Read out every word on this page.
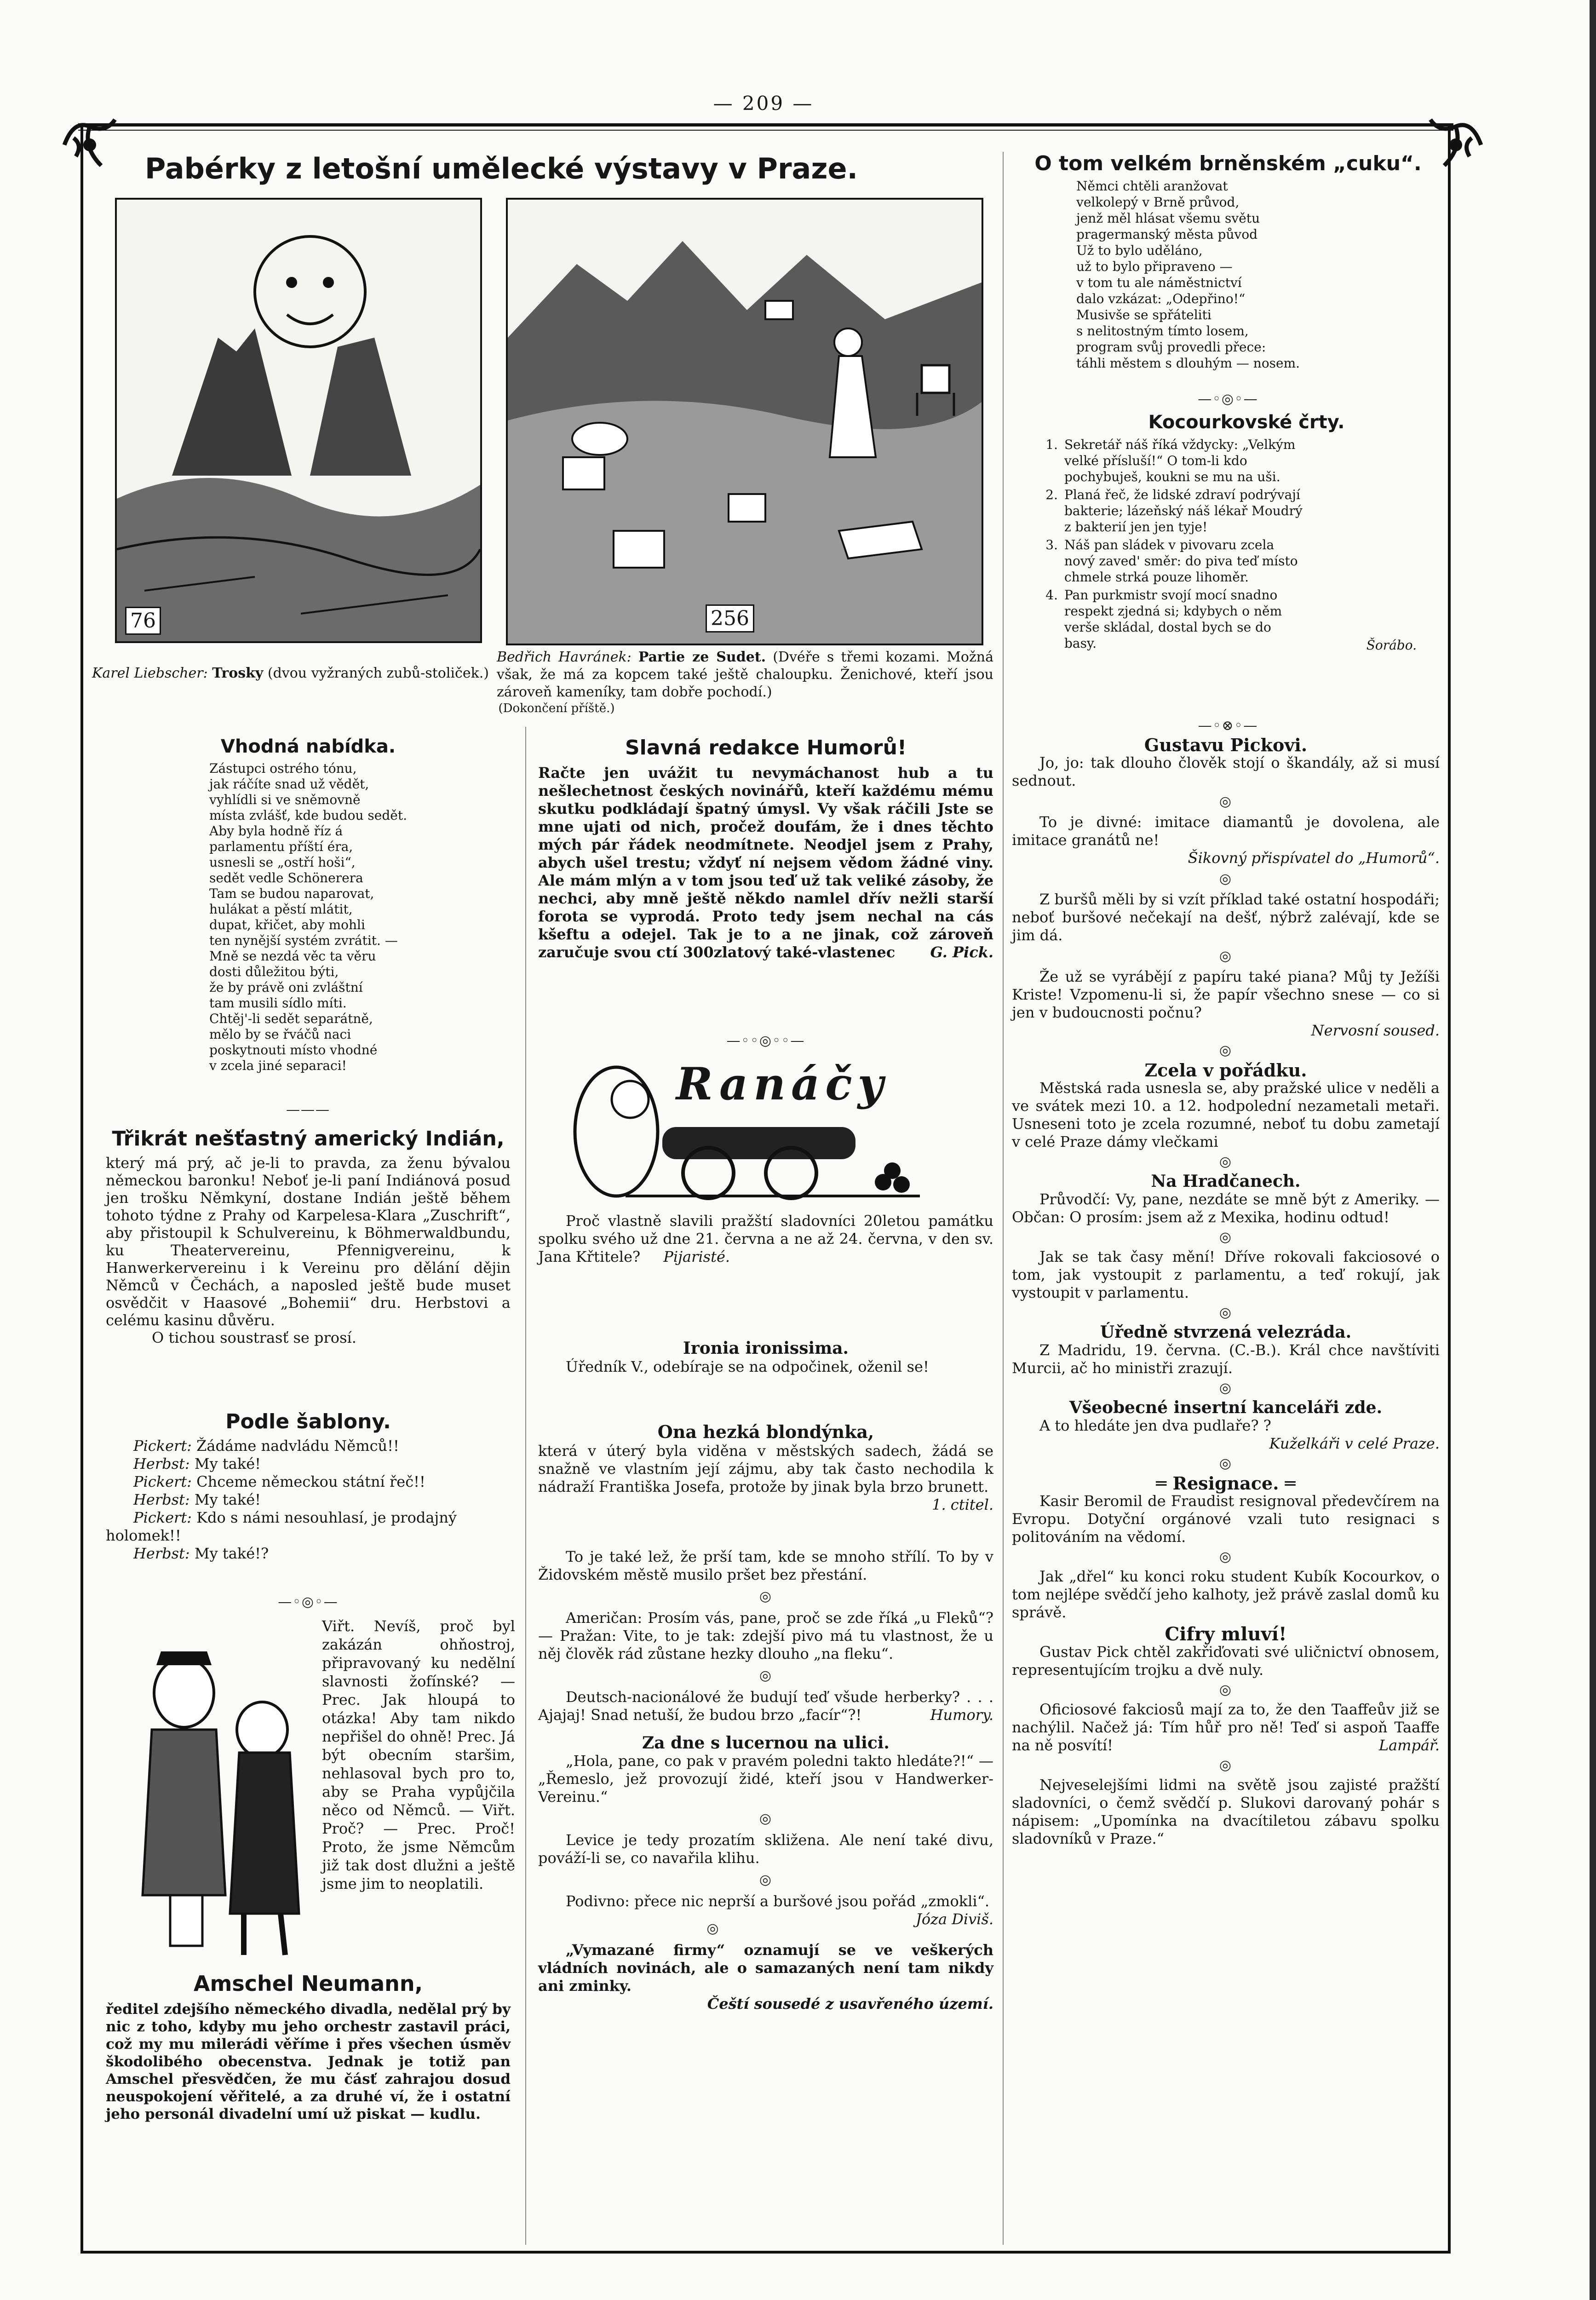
— 209 —
Pabérky z letošní umělecké výstavy v Praze.
76
Karel Liebscher: Trosky (dvou vyžraných zubů-stoliček.)
256
Bedřich Havránek: Partie ze Sudet. (Dvéře s třemi kozami. Možná však, že má za kopcem také ještě chaloupku. Ženichové, kteří jsou zároveň kameníky, tam dobře pochodí.)
(Dokončení příště.)
O tom velkém brněnském „cuku“.

Němci chtěli aranžovat

velkolepý v Brně průvod,

jenž měl hlásat všemu světu

pragermanský města původ

Už to bylo uděláno,

už to bylo připraveno —

v tom tu ale náměstnictví

dalo vzkázat: „Odepřino!“

Musivše se spřáteliti

s nelitostným tímto losem,

program svůj provedli přece:

táhli městem s dlouhým — nosem.

—◦◎◦—
Kocourkovské črty.
1. Sekretář náš říká vždycky: „Velkým velké přísluší!“ O tom-li kdo pochybuješ, koukni se mu na uši.
2. Planá řeč, že lidské zdraví podrývají bakterie; lázeňský náš lékař Moudrý z bakterií jen jen tyje!
3. Náš pan sládek v pivovaru zcela nový zaved' směr: do piva teď místo chmele strká pouze lihoměr.
4. Pan purkmistr svojí mocí snadno respekt zjedná si; kdybych o něm verše skládal, dostal bych se do basy.	Šorábo.
—◦⊗◦—
Vhodná nabídka.

Zástupci ostrého tónu,

jak ráčíte snad už vědět,

vyhlídli si ve sněmovně

místa zvlášť, kde budou sedět.

Aby byla hodně říz á

parlamentu příští éra,

usnesli se „ostří hoši“,

sedět vedle Schönerera

Tam se budou naparovat,

hulákat a pěstí mlátit,

dupat, křičet, aby mohli

ten nynější systém zvrátit. —

Mně se nezdá věc ta věru

dosti důležitou býti,

že by právě oni zvláštní

tam musili sídlo míti.

Chtěj'-li sedět separátně,

mělo by se řváčů naci

poskytnouti místo vhodné

v zcela jiné separaci!

———
Třikrát nešťastný americký Indián,

který má prý, ač je-li to pravda, za ženu bývalou německou baronku! Neboť je-li paní Indiánová posud jen trošku Němkyní, dostane Indián ještě během tohoto týdne z Prahy od Karpelesa-Klara „Zuschrift“, aby přistoupil k Schulvereinu, k Böhmerwaldbundu, ku Theatervereinu, Pfennigvereinu, k Hanwerkervereinu i k Vereinu pro dělání dějin Němců v Čechách, a naposled ještě bude muset osvědčit v Haasové „Bohemii“ dru. Herbstovi a celému kasinu důvěru.

O tichou soustrasť se prosí.

Podle šablony.

Pickert: Žádáme nadvládu Němců!!

Herbst: My také!

Pickert: Chceme německou státní řeč!!

Herbst: My také!

Pickert: Kdo s námi nesouhlasí, je prodajný holomek!!

Herbst: My také!?

—◦◎◦—
Viřt. Nevíš, proč byl zakázán ohňostroj, připravovaný ku nedělní slavnosti žofínské? — Prec. Jak hloupá to otázka! Aby tam nikdo nepřišel do ohně! Prec. Já být obecním staršim, nehlasoval bych pro to, aby se Praha vypůjčila něco od Němců. — Viřt. Proč? — Prec. Proč! Proto, že jsme Němcům již tak dost dlužni a ještě jsme jim to neoplatili.
Amschel Neumann,

ředitel zdejšího německého divadla, nedělal prý by nic z toho, kdyby mu jeho orchestr zastavil práci, což my mu milerádi věříme i přes všechen úsměv škodolibého obecenstva. Jednak je totiž pan Amschel přesvědčen, že mu čásť zahrajou dosud neuspokojení věřitelé, a za druhé ví, že i ostatní jeho personál divadelní umí už piskat — kudlu.

Slavná redakce Humorů!

Račte jen uvážit tu nevymáchanost hub a tu nešlechetnost českých novinářů, kteří každému mému skutku podkládají špatný úmysl. Vy však ráčili Jste se mne ujati od nich, pročež doufám, že i dnes těchto mých pár řádek neodmítnete. Neodjel jsem z Prahy, abych ušel trestu; vždyť ní nejsem vědom žádné viny. Ale mám mlýn a v tom jsou teď už tak veliké zásoby, že nechci, aby mně ještě někdo namlel dřív nežli starší forota se vyprodá. Proto tedy jsem nechal na cás kšeftu a odejel. Tak je to a ne jinak, což zároveň zaručuje svou ctí 300zlatový také-vlastenec G. Pick.

—◦◦◎◦◦—
Ranáčy

Proč vlastně slavili pražští sladovníci 20letou památku spolku svého už dne 21. června a ne až 24. června, v den sv. Jana Křtitele? Pijaristé.

Ironia ironissima.

Úředník V., odebíraje se na odpočinek, oženil se!

Ona hezká blondýnka,

která v úterý byla viděna v městských sadech, žádá se snažně ve vlastním její zájmu, aby tak často nechodila k nádraží Františka Josefa, protože by jinak byla brzo brunett.
1. ctitel.

To je také lež, že prší tam, kde se mnoho střílí. To by v Židovském městě musilo pršet bez přestání.

◎

Američan: Prosím vás, pane, proč se zde říká „u Fleků“? — Pražan: Vite, to je tak: zdejší pivo má tu vlastnost, že u něj člověk rád zůstane hezky dlouho „na fleku“.

◎

Deutsch-nacionálové že budují teď všude herberky? . . . Ajajaj! Snad netuší, že budou brzo „facír“?!	Humory.

Za dne s lucernou na ulici.

„Hola, pane, co pak v pravém poledni takto hledáte?!“ — „Řemeslo, jež provozují židé, kteří jsou v Handwerker-Vereinu.“

◎

Levice je tedy prozatím skližena. Ale není také divu, pováží-li se, co navařila klihu.

◎

Podivno: přece nic neprší a buršové jsou pořád „zmokli“.
Józa Diviš.

◎

„Vymazané firmy“ oznamují se ve veškerých vládních novinách, ale o samazaných není tam nikdy ani zminky.

Čeští sousedé z usavřeného území.

Gustavu Pickovi.

Jo, jo: tak dlouho člověk stojí o škandály, až si musí sednout.

◎

To je divné: imitace diamantů je dovolena, ale imitace granátů ne!

Šikovný přispívatel do „Humorů“.

◎

Z buršů měli by si vzít příklad také ostatní hospodáři; neboť buršové nečekají na dešť, nýbrž zalévají, kde se jim dá.

◎

Že už se vyrábějí z papíru také piana? Můj ty Ježíši Kriste! Vzpomenu-li si, že papír všechno snese — co si jen v budoucnosti počnu?

Nervosní soused.

◎
Zcela v pořádku.

Městská rada usnesla se, aby pražské ulice v neděli a ve svátek mezi 10. a 12. hodpolední nezametali metaři. Usneseni toto je zcela rozumné, neboť tu dobu zametají v celé Praze dámy vlečkami

◎
Na Hradčanech.

Průvodčí: Vy, pane, nezdáte se mně být z Ameriky. — Občan: O prosím: jsem až z Mexika, hodinu odtud!

◎

Jak se tak časy mění! Dříve rokovali fakciosové o tom, jak vystoupit z parlamentu, a teď rokují, jak vystoupit v parlamentu.

◎
Úředně stvrzená velezráda.

Z Madridu, 19. června. (C.-B.). Král chce navštíviti Murcii, ač ho ministři zrazují.

◎
Všeobecné insertní kanceláři zde.

A to hledáte jen dva pudlaře? ?

Kuželkáři v celé Praze.

◎
═ Resignace. ═

Kasir Beromil de Fraudist resignoval předevčírem na Evropu. Dotyční orgánové vzali tuto resignaci s politováním na vědomí.

◎

Jak „dřel“ ku konci roku student Kubík Kocourkov, o tom nejlépe svědčí jeho kalhoty, jež právě zaslal domů ku správě.

Cifry mluví!

Gustav Pick chtěl zakřiďovati své uličnictví obnosem, representujícím trojku a dvě nuly.

◎

Oficiosové fakciosů mají za to, že den Taaffeův již se nachýlil. Načež já: Tím hůř pro ně! Teď si aspoň Taaffe na ně posvítí!	Lampář.

◎

Nejveselejšími lidmi na světě jsou zajisté pražští sladovníci, o čemž svědčí p. Slukovi darovaný pohár s nápisem: „Upomínka na dvacítiletou zábavu spolku sladovníků v Praze.“
